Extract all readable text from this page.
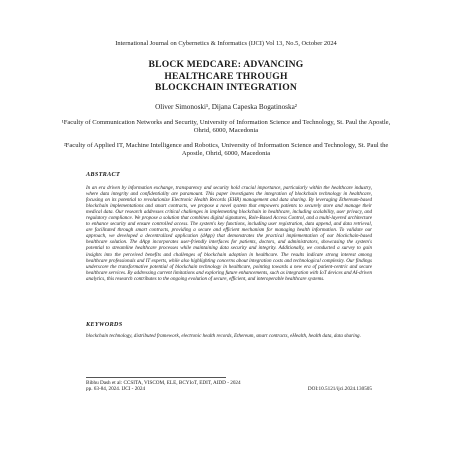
International Journal on Cybernetics & Informatics (IJCI) Vol 13, No.5, October 2024
BLOCK MEDCARE: ADVANCING
HEALTHCARE THROUGH
BLOCKCHAIN INTEGRATION
Oliver Simonoski¹, Dijana Capeska Bogatinoska²
¹Faculty of Communication Networks and Security, University of Information Science and Technology, St. Paul the Apostle, Ohrid, 6000, Macedonia
²Faculty of Applied IT, Machine Intelligence and Robotics, University of Information Science and Technology, St. Paul the Apostle, Ohrid, 6000, Macedonia
ABSTRACT
In an era driven by information exchange, transparency and security hold crucial importance, particularly within the healthcare industry, where data integrity and confidentiality are paramount. This paper investigates the integration of blockchain technology in healthcare, focusing on its potential to revolutionize Electronic Health Records (EHR) management and data sharing. By leveraging Ethereum-based blockchain implementations and smart contracts, we propose a novel system that empowers patients to securely store and manage their medical data. Our research addresses critical challenges in implementing blockchain in healthcare, including scalability, user privacy, and regulatory compliance. We propose a solution that combines digital signatures, Role-Based Access Control, and a multi-layered architecture to enhance security and ensure controlled access. The system's key functions, including user registration, data append, and data retrieval, are facilitated through smart contracts, providing a secure and efficient mechanism for managing health information. To validate our approach, we developed a decentralized application (dApp) that demonstrates the practical implementation of our blockchain-based healthcare solution. The dApp incorporates user-friendly interfaces for patients, doctors, and administrators, showcasing the system's potential to streamline healthcare processes while maintaining data security and integrity. Additionally, we conducted a survey to gain insights into the perceived benefits and challenges of blockchain adoption in healthcare. The results indicate strong interest among healthcare professionals and IT experts, while also highlighting concerns about integration costs and technological complexity. Our findings underscore the transformative potential of blockchain technology in healthcare, pointing towards a new era of patient-centric and secure healthcare services. By addressing current limitations and exploring future enhancements, such as integration with IoT devices and AI-driven analytics, this research contributes to the ongoing evolution of secure, efficient, and interoperable healthcare systems.
KEYWORDS
blockchain technology, distributed framework, electronic health records, Ethereum, smart contracts, eHealth, health data, data sharing.
Bibhu Dash et al: CCSITA, VISCOM, ELE, BCYIoT, EDIT, AIDD - 2024
pp. 63-84, 2024. IJCI - 2024	DOI:10.5121/ijci.2024.130505
